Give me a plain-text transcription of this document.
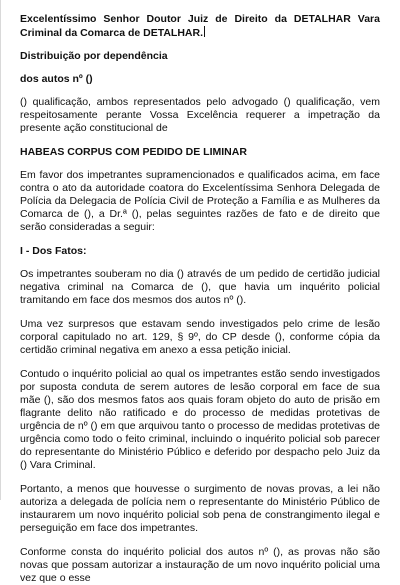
Excelentíssimo Senhor Doutor Juiz de Direito da DETALHAR Vara Criminal da Comarca de DETALHAR.

Distribuição por dependência

dos autos nº ()

() qualificação, ambos representados pelo advogado () qualificação, vem respeitosamente perante Vossa Excelência requerer a impetração da presente ação constitucional de

HABEAS CORPUS COM PEDIDO DE LIMINAR

Em favor dos impetrantes supramencionados e qualificados acima, em face contra o ato da autoridade coatora do Excelentíssima Senhora Delegada de Polícia da Delegacia de Polícia Civil de Proteção a Família e as Mulheres da Comarca de (), a Dr.ª (), pelas seguintes razões de fato e de direito que serão consideradas a seguir:

I - Dos Fatos:

Os impetrantes souberam no dia () através de um pedido de certidão judicial negativa criminal na Comarca de (), que havia um inquérito policial tramitando em face dos mesmos dos autos nº ().

Uma vez surpresos que estavam sendo investigados pelo crime de lesão corporal capitulado no art. 129, § 9º, do CP desde (), conforme cópia da certidão criminal negativa em anexo a essa petição inicial.

Contudo o inquérito policial ao qual os impetrantes estão sendo investigados por suposta conduta de serem autores de lesão corporal em face de sua mãe (), são dos mesmos fatos aos quais foram objeto do auto de prisão em flagrante delito não ratificado e do processo de medidas protetivas de urgência de nº () em que arquivou tanto o processo de medidas protetivas de urgência como todo o feito criminal, incluindo o inquérito policial sob parecer do representante do Ministério Público e deferido por despacho pelo Juiz da () Vara Criminal.

Portanto, a menos que houvesse o surgimento de novas provas, a lei não autoriza a delegada de polícia nem o representante do Ministério Público de instaurarem um novo inquérito policial sob pena de constrangimento ilegal e perseguição em face dos impetrantes.

Conforme consta do inquérito policial dos autos nº (), as provas não são novas que possam autorizar a instauração de um novo inquérito policial uma vez que o esse
